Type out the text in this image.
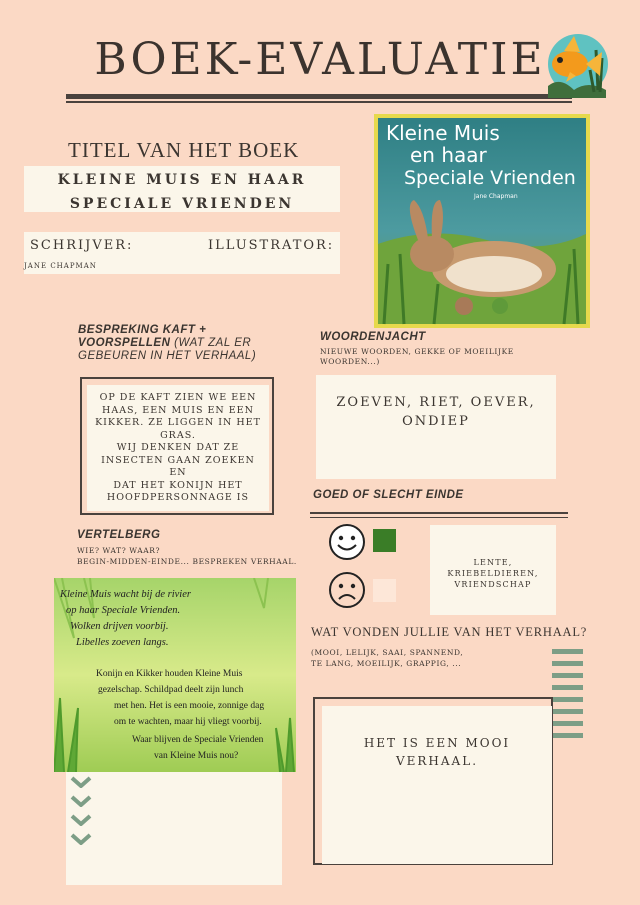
BOEK-EVALUATIE
TITEL VAN HET BOEK
KLEINE MUIS EN HAAR
SPECIALE VRIENDEN
SCHRIJVER:	ILLUSTRATOR:
JANE CHAPMAN
Kleine Muis
en haar
Speciale Vrienden
Jane Chapman
BESPREKING KAFT + VOORSPELLEN (WAT ZAL ER GEBEUREN IN HET VERHAAL)
OP DE KAFT ZIEN WE EEN
HAAS, EEN MUIS EN EEN
KIKKER. ZE LIGGEN IN HET
GRAS.
WIJ DENKEN DAT ZE
INSECTEN GAAN ZOEKEN EN
DAT HET KONIJN HET
HOOFDPERSONNAGE IS
WOORDENJACHT
NIEUWE WOORDEN, GEKKE OF MOEILIJKE
WOORDEN...)
ZOEVEN, RIET, OEVER,
ONDIEP
GOED OF SLECHT EINDE
LENTE,
KRIEBELDIEREN,
VRIENDSCHAP
VERTELBERG
WIE? WAT? WAAR?
BEGIN-MIDDEN-EINDE... BESPREKEN VERHAAL.
Kleine Muis wacht bij de rivier
op haar Speciale Vrienden.
Wolken drijven voorbij.
Libelles zoeven langs.
Konijn en Kikker houden Kleine Muis
gezelschap. Schildpad deelt zijn lunch
met hen. Het is een mooie, zonnige dag
om te wachten, maar hij vliegt voorbij.
Waar blijven de Speciale Vrienden
van Kleine Muis nou?
WAT VONDEN JULLIE VAN HET VERHAAL?
(MOOI, LELIJK, SAAI, SPANNEND,
TE LANG, MOEILIJK, GRAPPIG, ...
HET IS EEN MOOI
VERHAAL.
